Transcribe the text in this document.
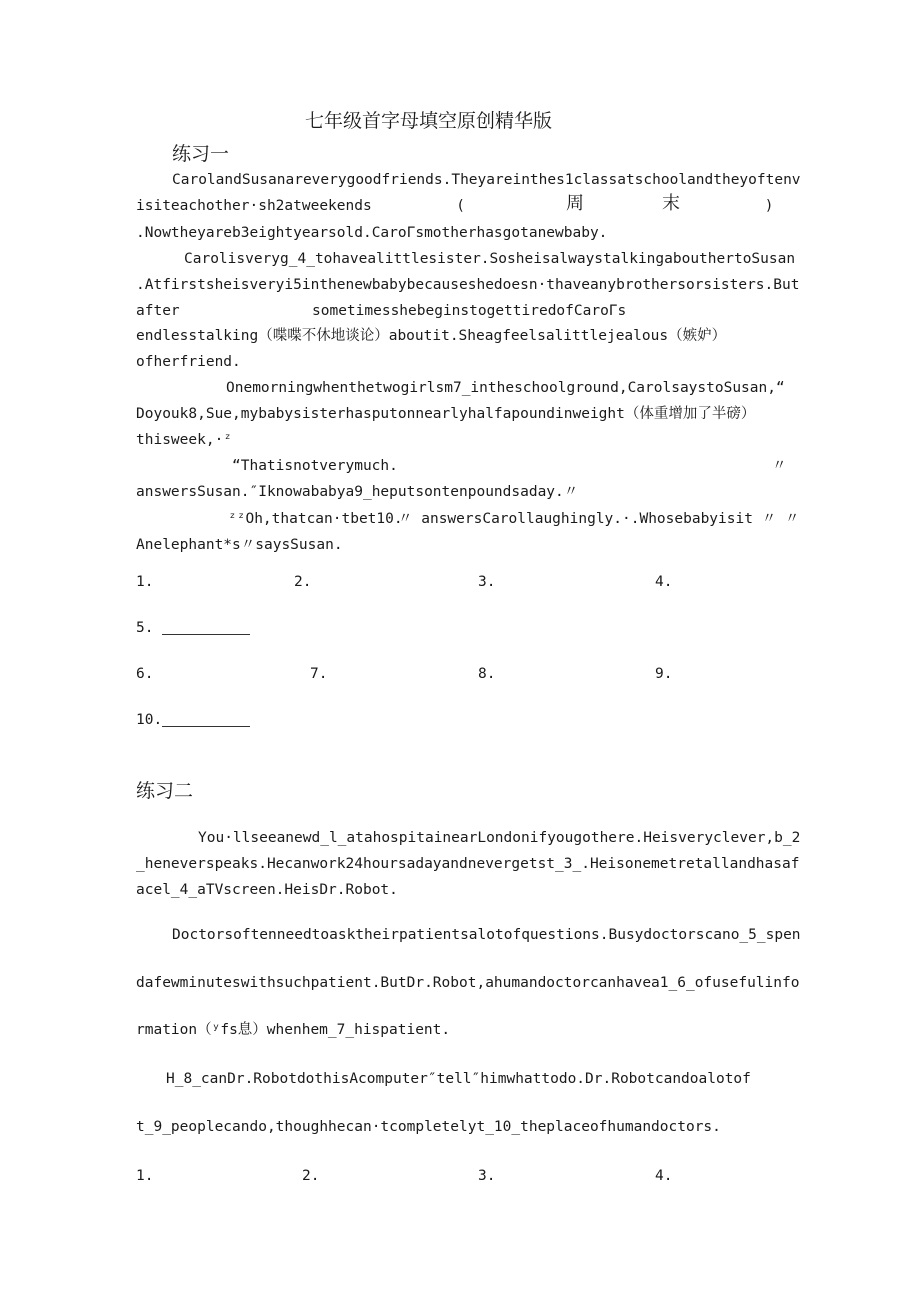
七年级首字母填空原创精华版
练习一
CarolandSusanareverygoodfriends.Theyareinthes1classatschoolandtheyoftenv
isiteachother·sh2atweekends	(	周	末	)
.Nowtheyareb3eightyearsold.CaroΓsmotherhasgotanewbaby.
Carolisveryg_4_tohavealittlesister.SosheisalwaystalkingabouthertoSusan
.Atfirstsheisveryi5inthenewbabybecauseshedoesn·thaveanybrothersorsisters.But
after	sometimesshebeginstogettiredofCaroΓs
endlesstalking（喋喋不休地谈论）aboutit.Sheagfeelsalittlejealous（嫉妒）
ofherfriend.
Onemorningwhenthetwogirlsm7_intheschoolground,CarolsaystoSusan,“
Doyouk8,Sue,mybabysisterhasputonnearlyhalfapoundinweight（体重增加了半磅）
thisweek,·ᶻ
“Thatisnotverymuch.	〃
answersSusan.″Iknowababya9_heputsontenpoundsaday.〃
ᶻᶻOh,thatcan·tbet10.
〃 answersCarollaughingly.·.Whosebabyisit 〃 〃
Anelephant*s〃saysSusan.
1.	2.	3.	4.
5.
6.	7.	8.	9.
10.
练习二
You·llseeanewd_l_atahospitainearLondonifyougothere.Heisveryclever,b_2
_heneverspeaks.Hecanwork24hoursadayandnevergetst_3_.Heisonemetretallandhasaf
acel_4_aTVscreen.HeisDr.Robot.
Doctorsoftenneedtoasktheirpatientsalotofquestions.Busydoctorscano_5_spen
dafewminuteswithsuchpatient.ButDr.Robot,ahumandoctorcanhavea1_6_ofusefulinfo
rmation（ʸfs息）whenhem_7_hispatient.
H_8_canDr.RobotdothisAcomputer″tell″himwhattodo.Dr.Robotcandoalotof
t_9_peoplecando,thoughhecan·tcompletelyt_10_theplaceofhumandoctors.
1.	2.	3.	4.
